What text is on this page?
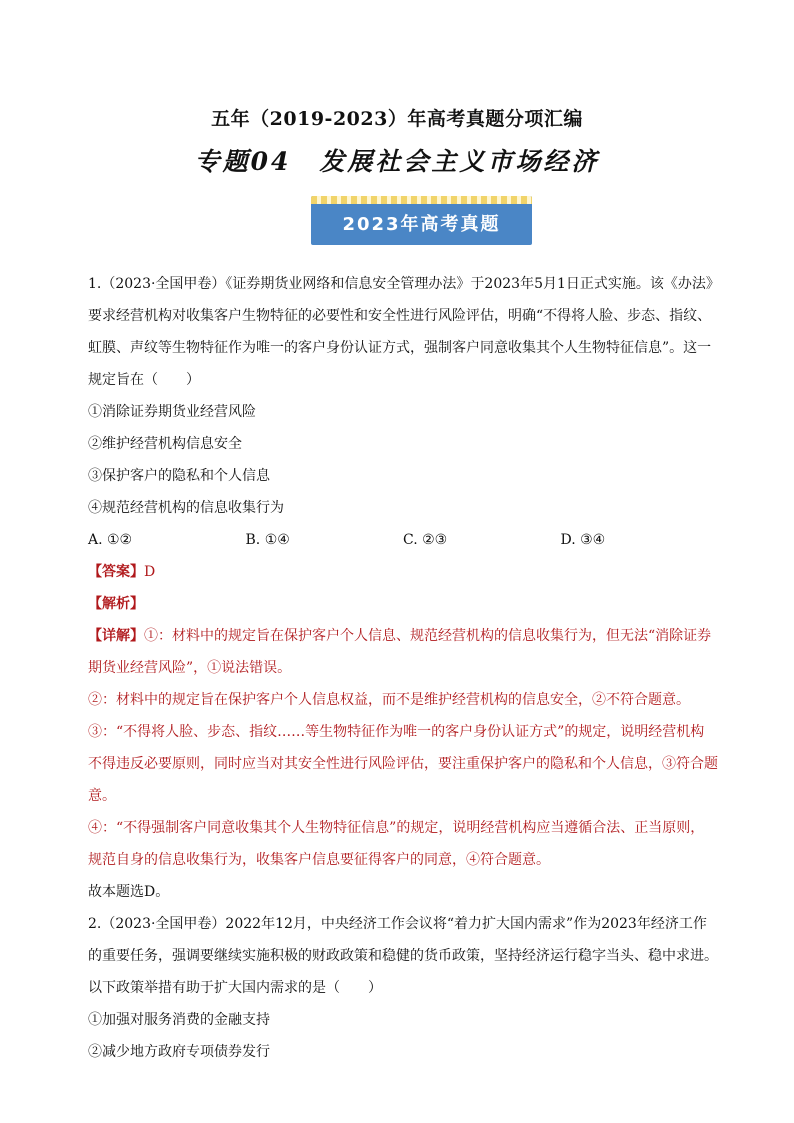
五年（2019-2023）年高考真题分项汇编
专题04　发展社会主义市场经济
2023年高考真题

1.（2023·全国甲卷）《证券期货业网络和信息安全管理办法》于2023年5月1日正式实施。该《办法》要求经营机构对收集客户生物特征的必要性和安全性进行风险评估，明确“不得将人脸、步态、指纹、虹膜、声纹等生物特征作为唯一的客户身份认证方式，强制客户同意收集其个人生物特征信息”。这一规定旨在（　　）

①消除证券期货业经营风险

②维护经营机构信息安全

③保护客户的隐私和个人信息

④规范经营机构的信息收集行为

A. ①②	B. ①④	C. ②③	D. ③④

【答案】D

【解析】

【详解】①：材料中的规定旨在保护客户个人信息、规范经营机构的信息收集行为，但无法“消除证券期货业经营风险”，①说法错误。

②：材料中的规定旨在保护客户个人信息权益，而不是维护经营机构的信息安全，②不符合题意。

③：“不得将人脸、步态、指纹……等生物特征作为唯一的客户身份认证方式”的规定，说明经营机构不得违反必要原则，同时应当对其安全性进行风险评估，要注重保护客户的隐私和个人信息，③符合题意。

④：“不得强制客户同意收集其个人生物特征信息”的规定，说明经营机构应当遵循合法、正当原则，规范自身的信息收集行为，收集客户信息要征得客户的同意，④符合题意。

故本题选D。

2.（2023·全国甲卷）2022年12月，中央经济工作会议将“着力扩大国内需求”作为2023年经济工作的重要任务，强调要继续实施积极的财政政策和稳健的货币政策，坚持经济运行稳字当头、稳中求进。以下政策举措有助于扩大国内需求的是（　　）

①加强对服务消费的金融支持

②减少地方政府专项债券发行
